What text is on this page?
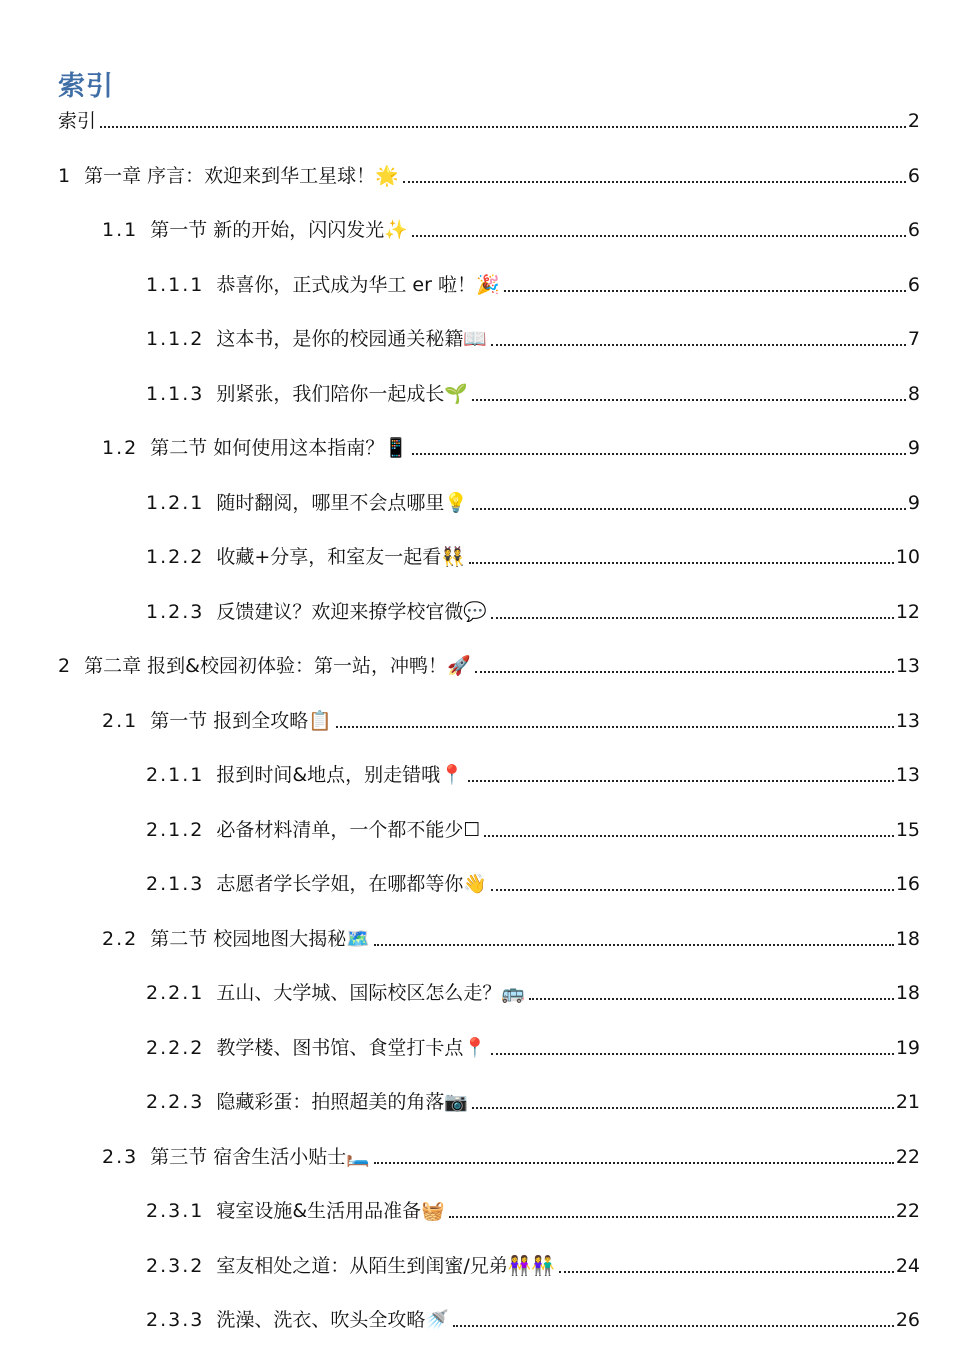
索引
索引	2
1 第一章 序言：欢迎来到华工星球！🌟	6
1.1 第一节 新的开始，闪闪发光✨	6
1.1.1 恭喜你，正式成为华工 er 啦！🎉	6
1.1.2 这本书，是你的校园通关秘籍📖	7
1.1.3 别紧张，我们陪你一起成长🌱	8
1.2 第二节 如何使用这本指南？📱	9
1.2.1 随时翻阅，哪里不会点哪里💡	9
1.2.2 收藏+分享，和室友一起看👯	10
1.2.3 反馈建议？欢迎来撩学校官微💬	12
2 第二章 报到&校园初体验：第一站，冲鸭！🚀	13
2.1 第一节 报到全攻略📋	13
2.1.1 报到时间&地点，别走错哦📍	13
2.1.2 必备材料清单，一个都不能少☐	15
2.1.3 志愿者学长学姐，在哪都等你👋	16
2.2 第二节 校园地图大揭秘🗺️	18
2.2.1 五山、大学城、国际校区怎么走？🚌	18
2.2.2 教学楼、图书馆、食堂打卡点📍	19
2.2.3 隐藏彩蛋：拍照超美的角落📷	21
2.3 第三节 宿舍生活小贴士🛏️	22
2.3.1 寝室设施&生活用品准备🧺	22
2.3.2 室友相处之道：从陌生到闺蜜/兄弟👭👫	24
2.3.3 洗澡、洗衣、吹头全攻略🚿	26
